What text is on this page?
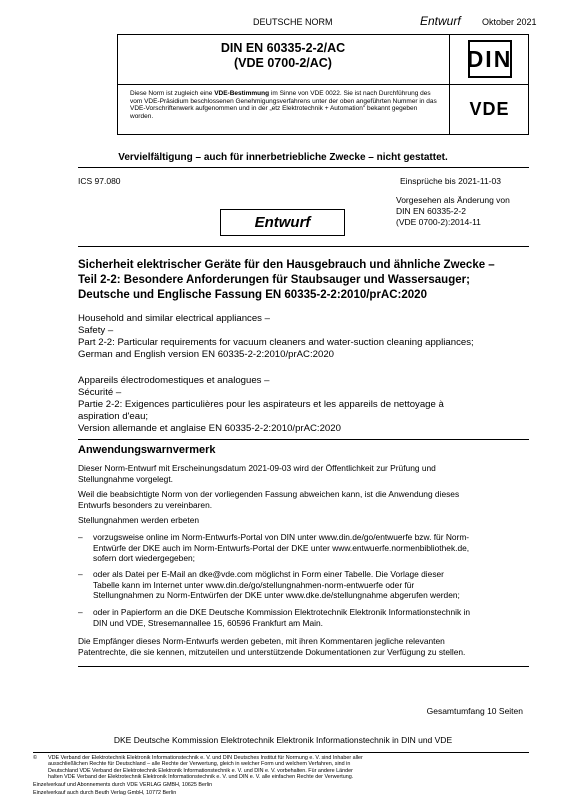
DEUTSCHE NORM	Entwurf Oktober 2021
DIN EN 60335-2-2/AC
(VDE 0700-2/AC)	DIN
Diese Norm ist zugleich eine VDE-Bestimmung im Sinne von VDE 0022. Sie ist nach Durchführung des vom VDE-Präsidium beschlossenen Genehmigungsverfahrens unter der oben angeführten Nummer in das VDE-Vorschriftenwerk aufgenommen und in der „etz Elektrotechnik + Automation" bekannt gegeben worden.	VDE
Vervielfältigung – auch für innerbetriebliche Zwecke – nicht gestattet.
ICS 97.080	Einsprüche bis 2021-11-03
Vorgesehen als Änderung von
DIN EN 60335-2-2
(VDE 0700-2):2014-11
Entwurf
Sicherheit elektrischer Geräte für den Hausgebrauch und ähnliche Zwecke –
Teil 2-2: Besondere Anforderungen für Staubsauger und Wassersauger;
Deutsche und Englische Fassung EN 60335-2-2:2010/prAC:2020
Household and similar electrical appliances –
Safety –
Part 2-2: Particular requirements for vacuum cleaners and water-suction cleaning appliances;
German and English version EN 60335-2-2:2010/prAC:2020
Appareils électrodomestiques et analogues –
Sécurité –
Partie 2-2: Exigences particulières pour les aspirateurs et les appareils de nettoyage à
aspiration d'eau;
Version allemande et anglaise EN 60335-2-2:2010/prAC:2020
Anwendungswarnvermerk
Dieser Norm-Entwurf mit Erscheinungsdatum 2021-09-03 wird der Öffentlichkeit zur Prüfung und
Stellungnahme vorgelegt.
Weil die beabsichtigte Norm von der vorliegenden Fassung abweichen kann, ist die Anwendung dieses
Entwurfs besonders zu vereinbaren.
Stellungnahmen werden erbeten
– vorzugsweise online im Norm-Entwurfs-Portal von DIN unter www.din.de/go/entwuerfe bzw. für Norm-
Entwürfe der DKE auch im Norm-Entwurfs-Portal der DKE unter www.entwuerfe.normenbibliothek.de,
sofern dort wiedergegeben;
– oder als Datei per E-Mail an dke@vde.com möglichst in Form einer Tabelle. Die Vorlage dieser
Tabelle kann im Internet unter www.din.de/go/stellungnahmen-norm-entwuerfe oder für
Stellungnahmen zu Norm-Entwürfen der DKE unter www.dke.de/stellungnahme abgerufen werden;
– oder in Papierform an die DKE Deutsche Kommission Elektrotechnik Elektronik Informationstechnik in
DIN und VDE, Stresemannallee 15, 60596 Frankfurt am Main.
Die Empfänger dieses Norm-Entwurfs werden gebeten, mit ihren Kommentaren jegliche relevanten
Patentrechte, die sie kennen, mitzuteilen und unterstützende Dokumentationen zur Verfügung zu stellen.
Gesamtumfang 10 Seiten
DKE Deutsche Kommission Elektrotechnik Elektronik Informationstechnik in DIN und VDE
©	VDE Verband der Elektrotechnik Elektronik Informationstechnik e. V. und DIN Deutsches Institut für Normung e. V. sind Inhaber aller
ausschließlichen Rechte für Deutschland – alle Rechte der Verwertung, gleich in welcher Form und welchem Verfahren, sind in
Deutschland VDE Verband der Elektrotechnik Elektronik Informationstechnik e. V. und DIN e. V. vorbehalten. Für andere Länder
halten VDE Verband der Elektrotechnik Elektronik Informationstechnik e. V. und DIN e. V. alle einfachen Rechte der Verwertung.
Einzelverkauf und Abonnements durch VDE VERLAG GMBH, 10625 Berlin
Einzelverkauf auch durch Beuth Verlag GmbH, 10772 Berlin
